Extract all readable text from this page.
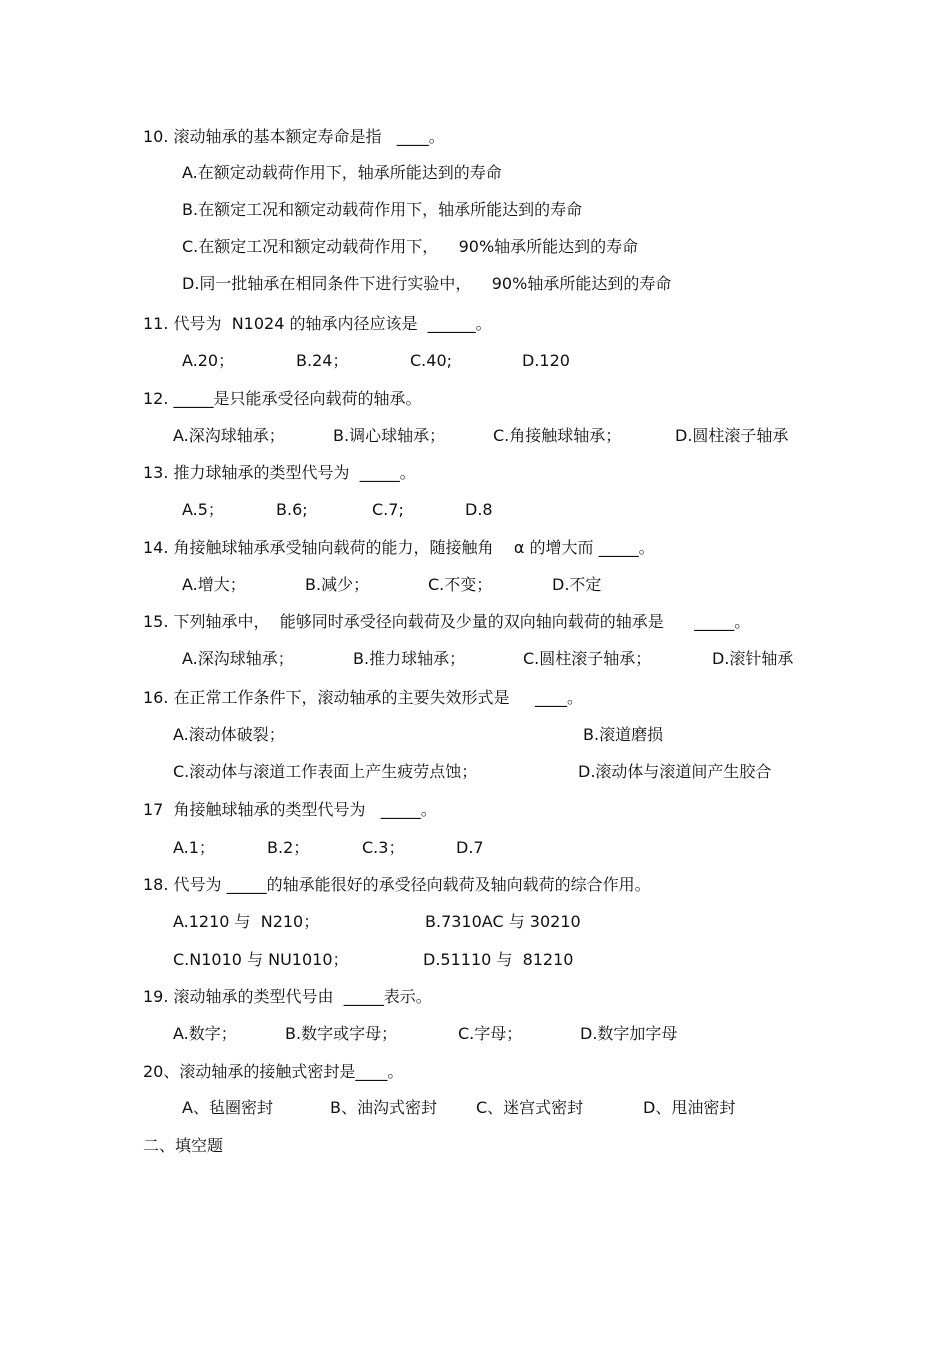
10. 滚动轴承的基本额定寿命是指   ____。
A.在额定动载荷作用下，轴承所能达到的寿命
B.在额定工况和额定动载荷作用下，轴承所能达到的寿命
C.在额定工况和额定动载荷作用下，    90%轴承所能达到的寿命
D.同一批轴承在相同条件下进行实验中，    90%轴承所能达到的寿命
11. 代号为  N1024 的轴承内径应该是  ______。
A.20；	B.24；	C.40;	D.120
12. _____是只能承受径向载荷的轴承。
A.深沟球轴承；	B.调心球轴承；	C.角接触球轴承；	D.圆柱滚子轴承
13. 推力球轴承的类型代号为  _____。
A.5；	B.6;	C.7;	D.8
14. 角接触球轴承承受轴向载荷的能力，随接触角    α 的增大而 _____。
A.增大；	B.减少；	C.不变；	D.不定
15. 下列轴承中，  能够同时承受径向载荷及少量的双向轴向载荷的轴承是      _____。
A.深沟球轴承；	B.推力球轴承；	C.圆柱滚子轴承；	D.滚针轴承
16. 在正常工作条件下，滚动轴承的主要失效形式是     ____。
A.滚动体破裂；	B.滚道磨损
C.滚动体与滚道工作表面上产生疲劳点蚀；	D.滚动体与滚道间产生胶合
17  角接触球轴承的类型代号为   _____。
A.1；	B.2；	C.3；	D.7
18. 代号为 _____的轴承能很好的承受径向载荷及轴向载荷的综合作用。
A.1210 与  N210；	B.7310AC 与 30210
C.N1010 与 NU1010；	D.51110 与  81210
19. 滚动轴承的类型代号由  _____表示。
A.数字；	B.数字或字母；	C.字母；	D.数字加字母
20、滚动轴承的接触式密封是____。
A、毡圈密封	B、油沟式密封 C、迷宫式密封	D、甩油密封
二、填空题
